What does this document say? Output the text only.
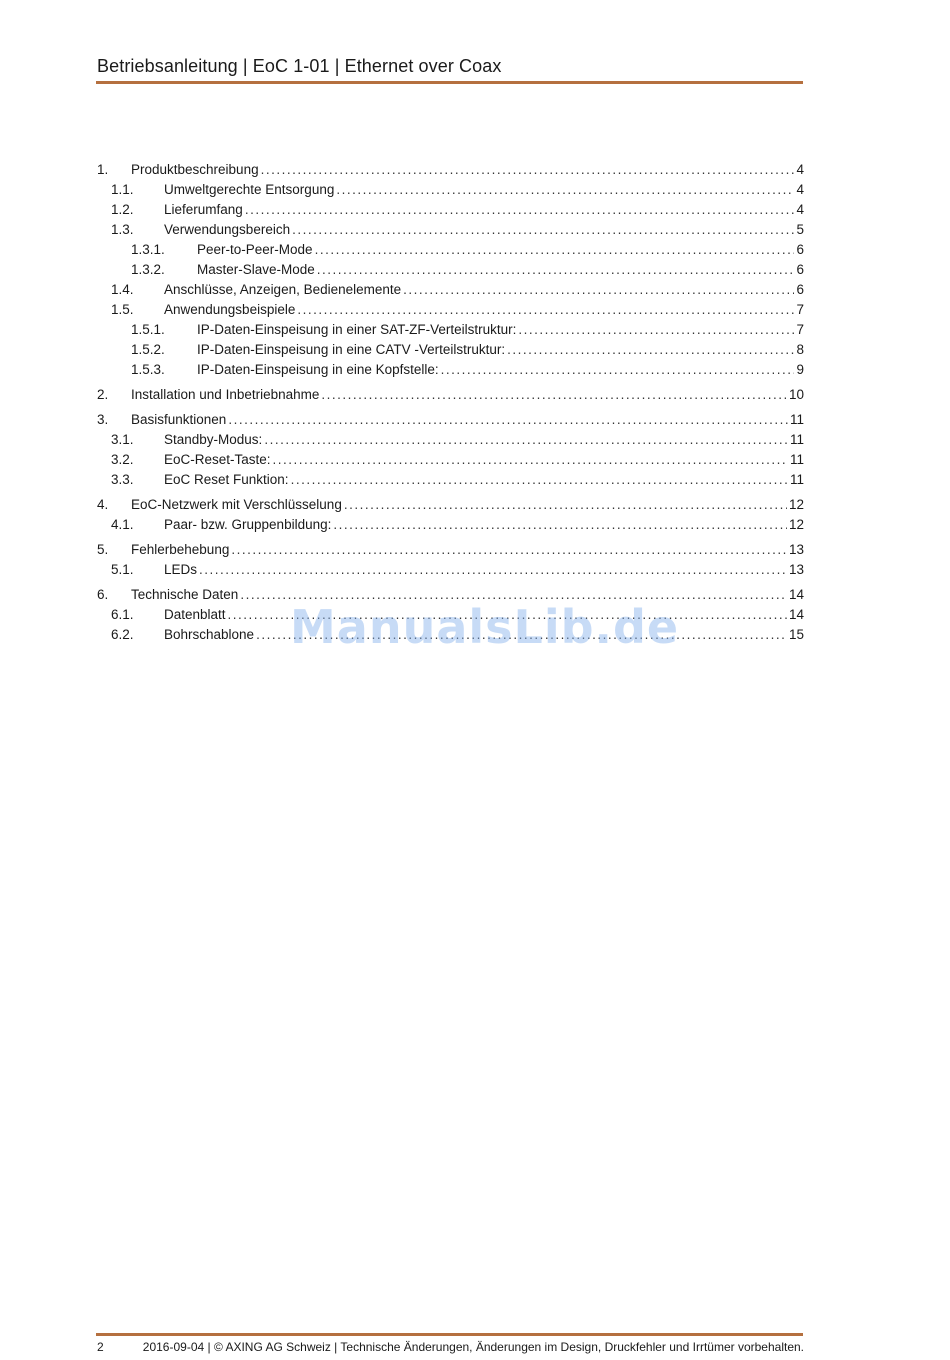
Betriebsanleitung | EoC 1-01 | Ethernet over Coax
1. Produktbeschreibung .....	4
1.1. Umweltgerechte Entsorgung .....	4
1.2. Lieferumfang .....	4
1.3. Verwendungsbereich .....	5
1.3.1. Peer-to-Peer-Mode .....	6
1.3.2. Master-Slave-Mode .....	6
1.4. Anschlüsse, Anzeigen, Bedienelemente .....	6
1.5. Anwendungsbeispiele .....	7
1.5.1. IP-Daten-Einspeisung in einer SAT-ZF-Verteilstruktur: .....	7
1.5.2. IP-Daten-Einspeisung in eine CATV -Verteilstruktur: .....	8
1.5.3. IP-Daten-Einspeisung in eine Kopfstelle: .....	9
2. Installation und Inbetriebnahme .....	10
3. Basisfunktionen .....	11
3.1. Standby-Modus: .....	11
3.2. EoC-Reset-Taste: .....	11
3.3. EoC Reset Funktion: .....	11
4. EoC-Netzwerk mit Verschlüsselung .....	12
4.1. Paar- bzw. Gruppenbildung: .....	12
5. Fehlerbehebung .....	13
5.1. LEDs .....	13
6. Technische Daten .....	14
6.1. Datenblatt .....	14
6.2. Bohrschablone .....	15
ManualsLib.de
2	2016-09-04 | © AXING AG Schweiz | Technische Änderungen, Änderungen im Design, Druckfehler und Irrtümer vorbehalten.
